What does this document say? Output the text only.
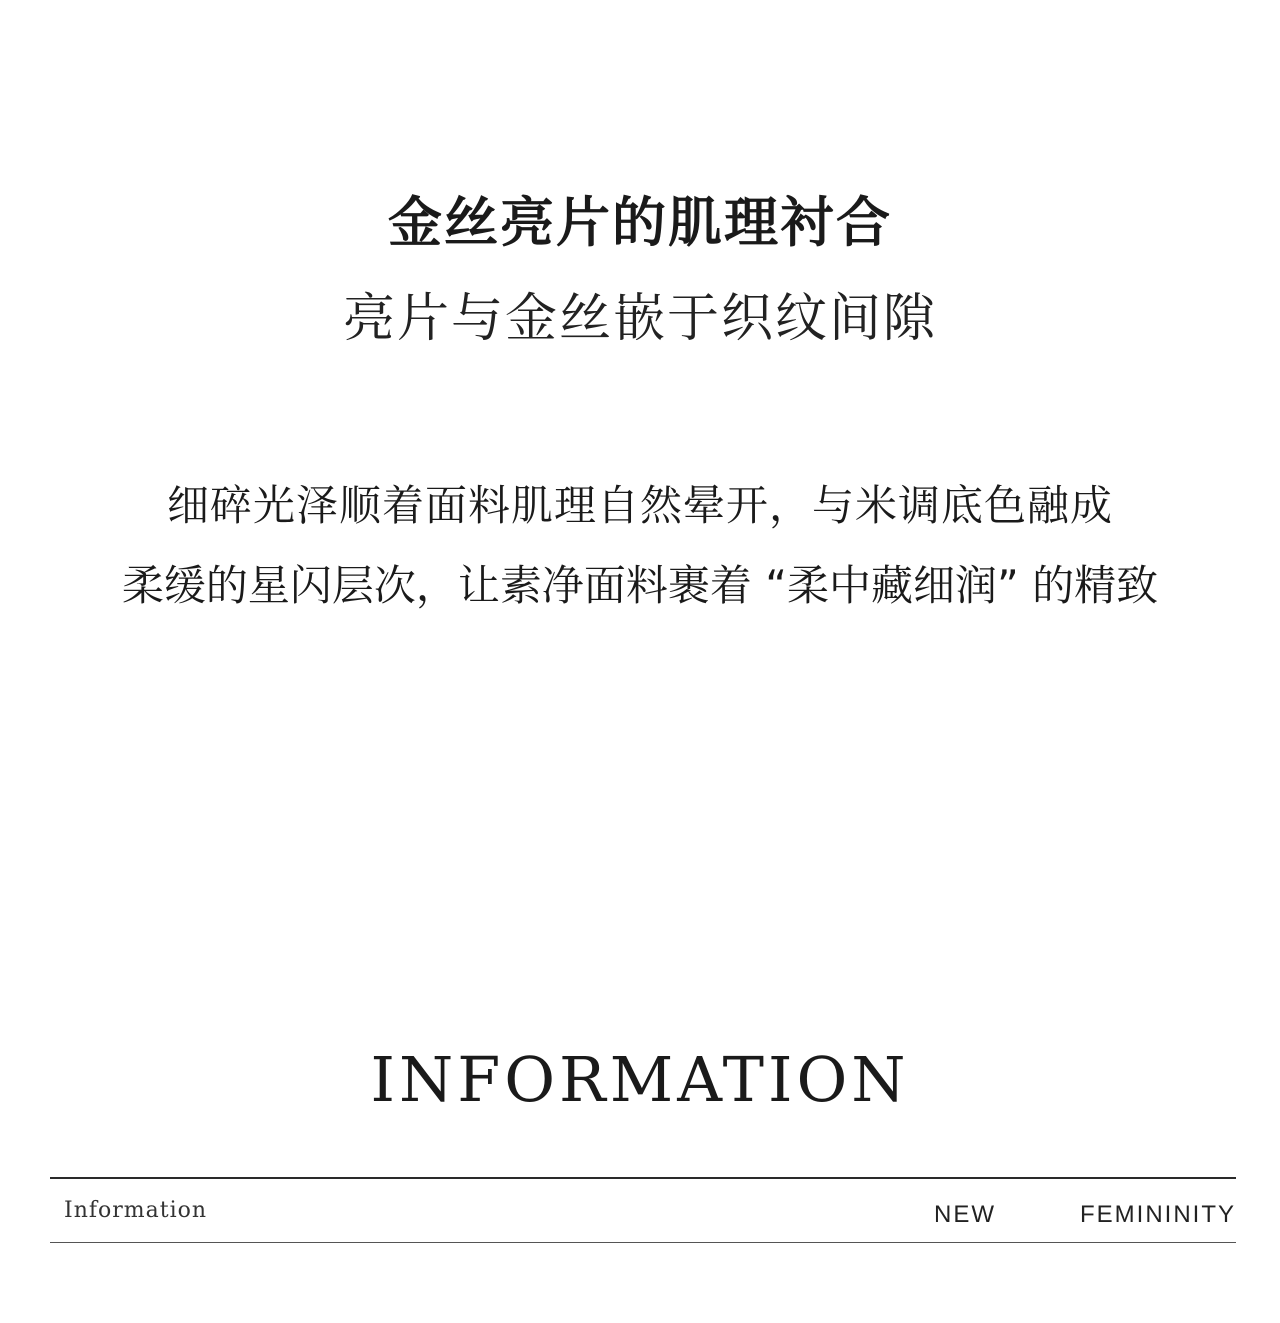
金丝亮片的肌理衬合
亮片与金丝嵌于织纹间隙
细碎光泽顺着面料肌理自然晕开，与米调底色融成
柔缓的星闪层次，让素净面料裹着 “柔中藏细润” 的精致
INFORMATION
Information	NEW	FEMININITY
